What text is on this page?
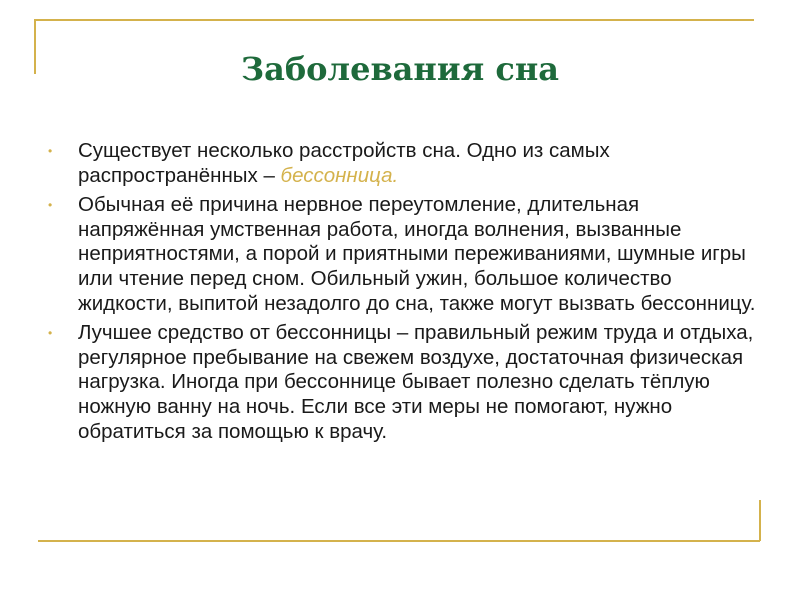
Заболевания сна
• Существует несколько расстройств сна. Одно из самых распространённых – бессонница.
• Обычная её причина нервное переутомление, длительная напряжённая умственная работа, иногда волнения, вызванные неприятностями, а порой и приятными переживаниями, шумные игры или чтение перед сном. Обильный ужин, большое количество жидкости, выпитой незадолго до сна, также могут вызвать бессонницу.
• Лучшее средство от бессонницы – правильный режим труда и отдыха, регулярное пребывание на свежем воздухе, достаточная физическая нагрузка. Иногда при бессоннице бывает полезно сделать тёплую ножную ванну на ночь. Если все эти меры не помогают, нужно обратиться за помощью к врачу.
